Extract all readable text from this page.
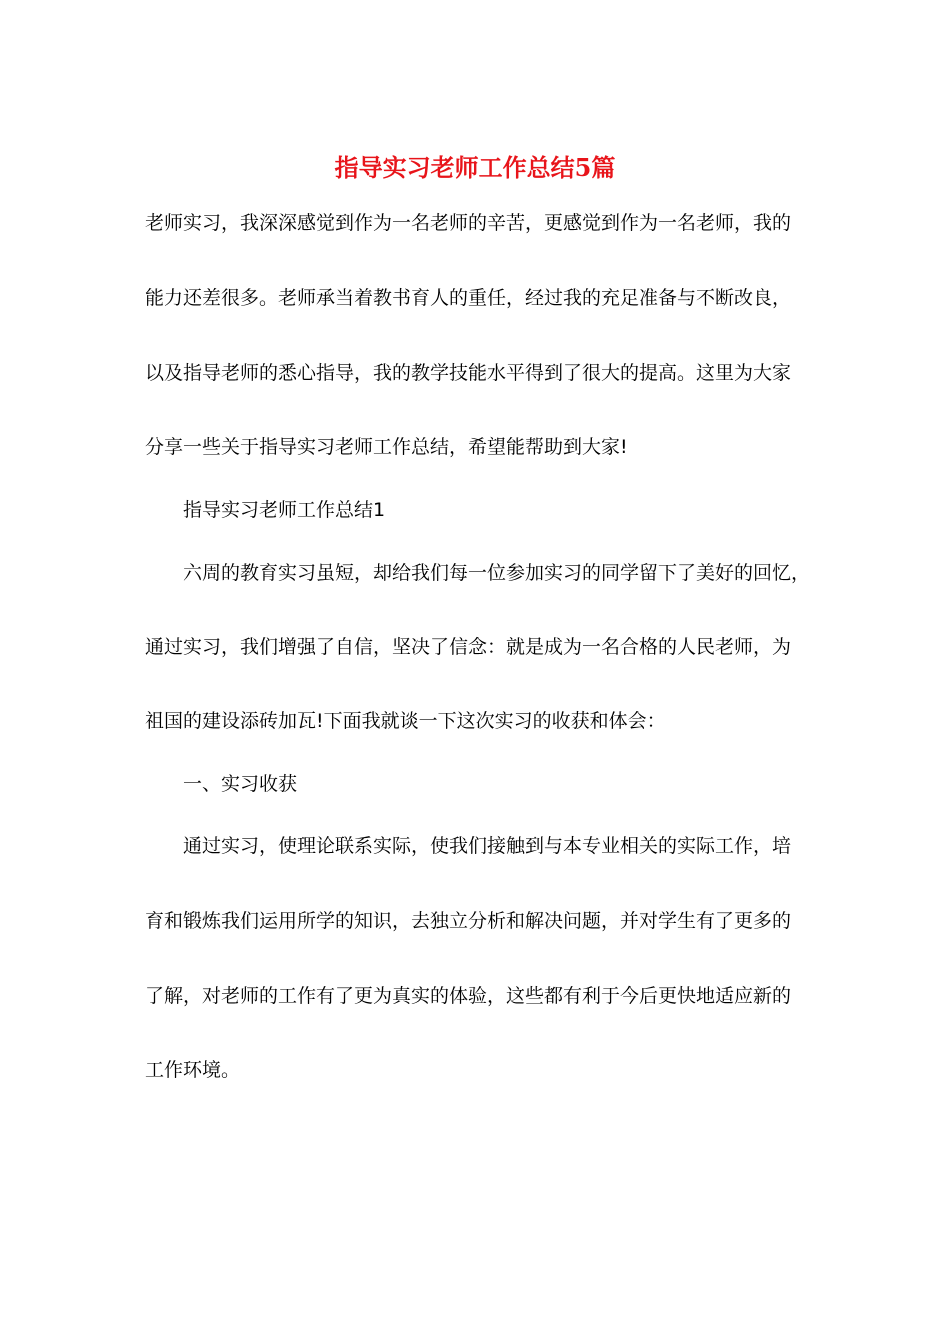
指导实习老师工作总结5篇

老师实习，我深深感觉到作为一名老师的辛苦，更感觉到作为一名老师，我的

能力还差很多。老师承当着教书育人的重任，经过我的充足准备与不断改良，

以及指导老师的悉心指导，我的教学技能水平得到了很大的提高。这里为大家

分享一些关于指导实习老师工作总结，希望能帮助到大家!

指导实习老师工作总结1

六周的教育实习虽短，却给我们每一位参加实习的同学留下了美好的回忆，

通过实习，我们增强了自信，坚决了信念：就是成为一名合格的人民老师，为

祖国的建设添砖加瓦!下面我就谈一下这次实习的收获和体会：

一、实习收获

通过实习，使理论联系实际，使我们接触到与本专业相关的实际工作，培

育和锻炼我们运用所学的知识，去独立分析和解决问题，并对学生有了更多的

了解，对老师的工作有了更为真实的体验，这些都有利于今后更快地适应新的

工作环境。
